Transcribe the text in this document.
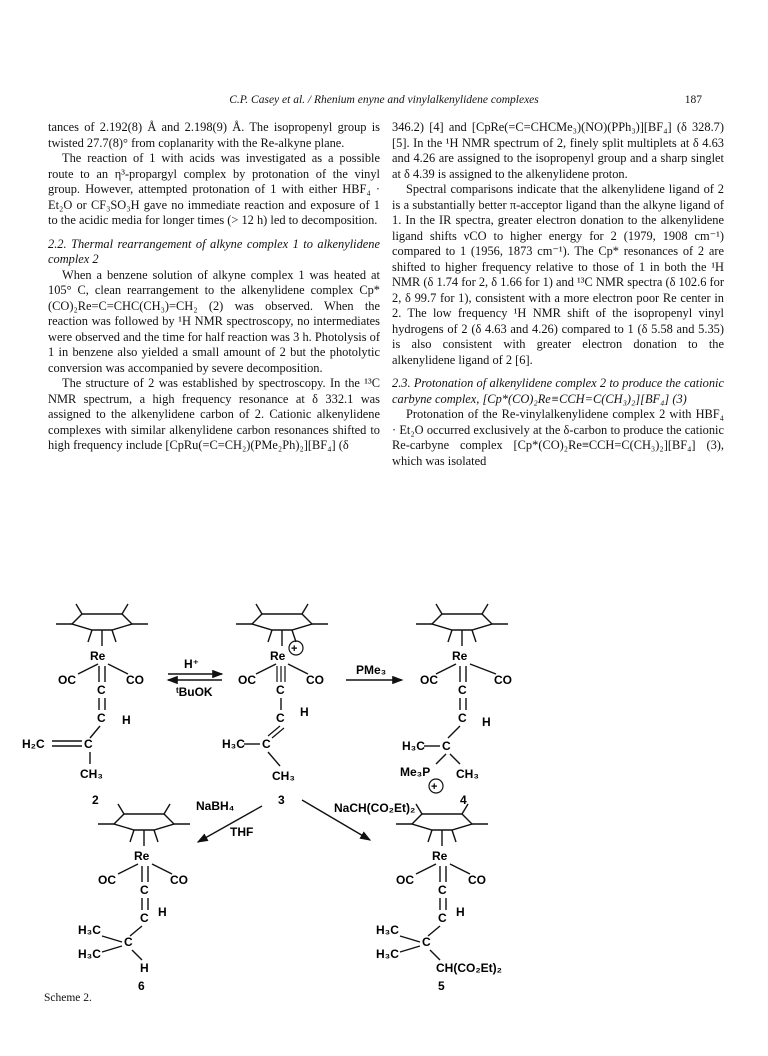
C.P. Casey et al. / Rhenium enyne and vinylalkenylidene complexes	187

tances of 2.192(8) Å and 2.198(9) Å. The isopropenyl group is twisted 27.7(8)° from coplanarity with the Re-alkyne plane.

The reaction of 1 with acids was investigated as a possible route to an η³-propargyl complex by protonation of the vinyl group. However, attempted protonation of 1 with either HBF₄ · Et₂O or CF₃SO₃H gave no immediate reaction and exposure of 1 to the acidic media for longer times (> 12 h) led to decomposition.

2.2. Thermal rearrangement of alkyne complex 1 to alkenylidene complex 2

When a benzene solution of alkyne complex 1 was heated at 105° C, clean rearrangement to the alkenylidene complex Cp*(CO)₂Re=C=CHC(CH₃)=CH₂ (2) was observed. When the reaction was followed by ¹H NMR spectroscopy, no intermediates were observed and the time for half reaction was 3 h. Photolysis of 1 in benzene also yielded a small amount of 2 but the photolytic conversion was accompanied by severe decomposition.

The structure of 2 was established by spectroscopy. In the ¹³C NMR spectrum, a high frequency resonance at δ 332.1 was assigned to the alkenylidene carbon of 2. Cationic alkenylidene complexes with similar alkenylidene carbon resonances shifted to high frequency include [CpRu(=C=CH₂)(PMe₂Ph)₂][BF₄] (δ

346.2) [4] and [CpRe(=C=CHCMe₃)(NO)(PPh₃)][BF₄] (δ 328.7) [5]. In the ¹H NMR spectrum of 2, finely split multiplets at δ 4.63 and 4.26 are assigned to the isopropenyl group and a sharp singlet at δ 4.39 is assigned to the alkenylidene proton.

Spectral comparisons indicate that the alkenylidene ligand of 2 is a substantially better π-acceptor ligand than the alkyne ligand of 1. In the IR spectra, greater electron donation to the alkenylidene ligand shifts νCO to higher energy for 2 (1979, 1908 cm⁻¹) compared to 1 (1956, 1873 cm⁻¹). The Cp* resonances of 2 are shifted to higher frequency relative to those of 1 in both the ¹H NMR (δ 1.74 for 2, δ 1.66 for 1) and ¹³C NMR spectra (δ 102.6 for 2, δ 99.7 for 1), consistent with a more electron poor Re center in 2. The low frequency ¹H NMR shift of the isopropenyl vinyl hydrogens of 2 (δ 4.63 and 4.26) compared to 1 (δ 5.58 and 5.35) is also consistent with greater electron donation to the alkenylidene ligand of 2 [6].

2.3. Protonation of alkenylidene complex 2 to produce the cationic carbyne complex, [Cp*(CO)₂Re≡CCH=C(CH₃)₂][BF₄] (3)

Protonation of the Re-vinylalkenylidene complex 2 with HBF₄ · Et₂O occurred exclusively at the δ-carbon to produce the cationic Re-carbyne complex [Cp*(CO)₂Re≡CCH=C(CH₃)₂][BF₄] (3), which was isolated

Re
OC	CO
C
C H
C
H₂C
CH₃
2
H⁺
ᵗBuOK
Re +
OC	CO
C
C H
C
H₃C
CH₃
3
PMe₃
Re
OC	CO
C
C H
C
H₃C
Me₃P
+
CH₃
4
NaBH₄
THF
NaCH(CO₂Et)₂
Re
OC	CO
C
C H
C
H₃C
H₃C
H
6
Re
OC	CO
C
C H
C
H₃C
H₃C
CH(CO₂Et)₂
5
Scheme 2.
